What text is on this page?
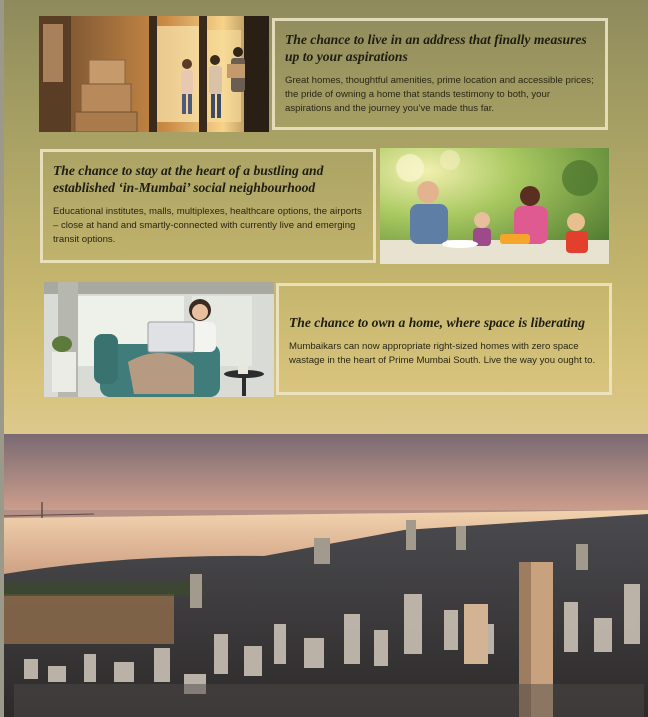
The chance to live in an address that finally measures up to your aspirations

Great homes, thoughtful amenities, prime location and accessible prices; the pride of owning a home that stands testimony to both, your aspirations and the journey you’ve made thus far.

The chance to stay at the heart of a bustling and established ‘in-Mumbai’ social neighbourhood

Educational institutes, malls, multiplexes, healthcare options, the airports – close at hand and smartly-connected with currently live and emerging transit options.

The chance to own a home, where space is liberating

Mumbaikars can now appropriate right-sized homes with zero space wastage in the heart of Prime Mumbai South. Live the way you ought to.
